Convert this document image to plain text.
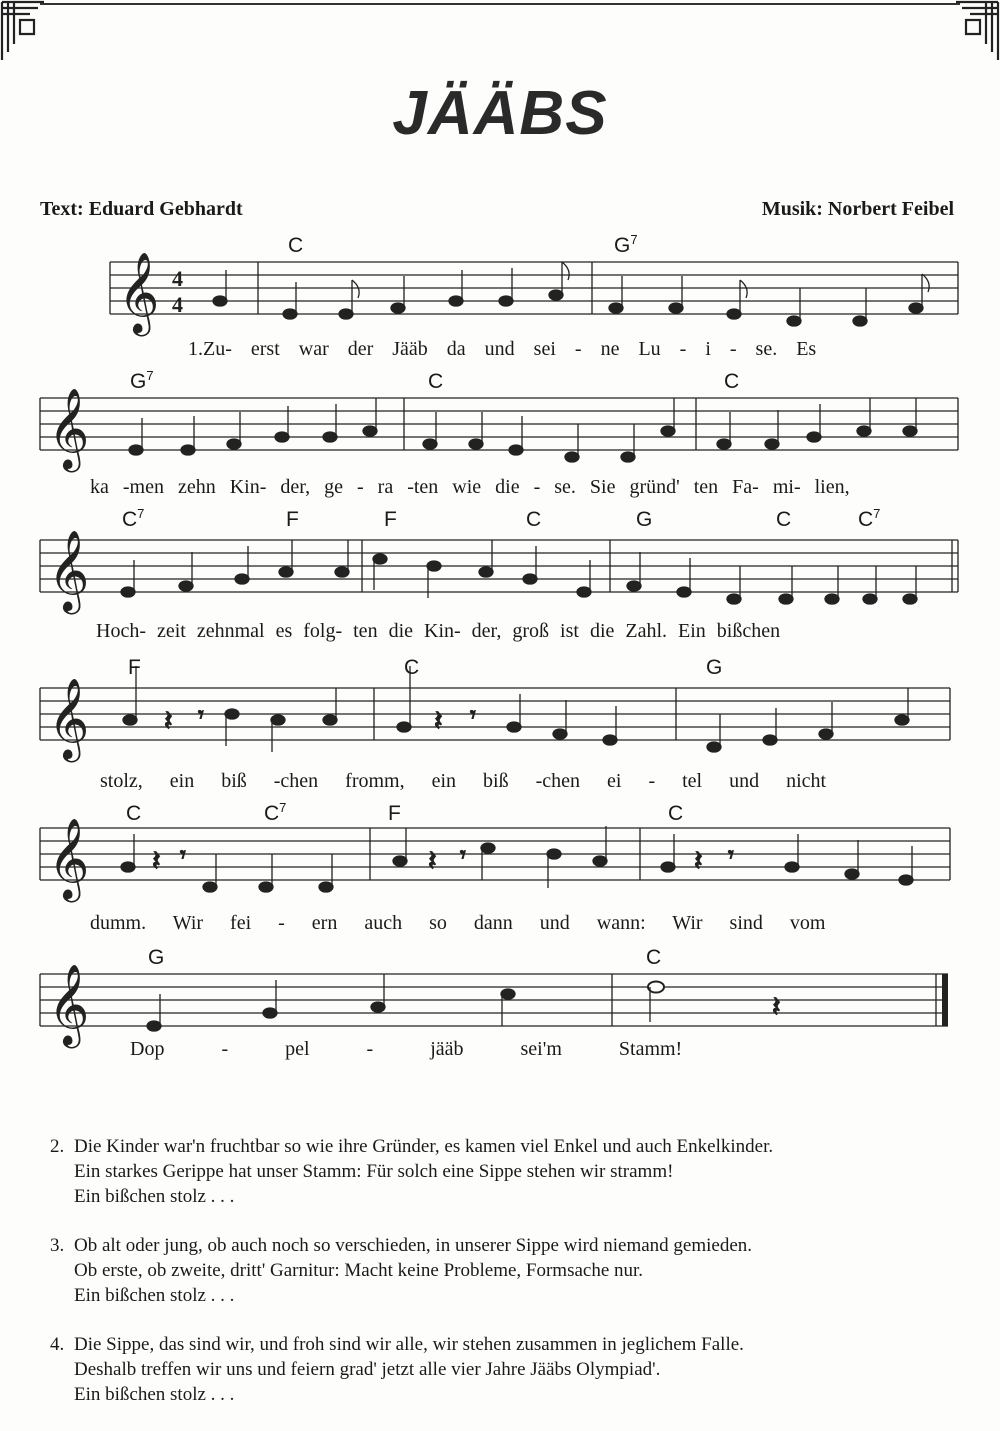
JÄÄBS
Text: Eduard Gebhardt	Musik: Norbert Feibel
𝄞 4
4
C	$G^7$
1.Zu- erst war der Jääb da und sei - ne Lu - i - se. Es
𝄞
$G^7$	C	C
ka -men zehn Kin- der, ge - ra -ten wie die - se. Sie gründ' ten Fa- mi- lien,
𝄞
$C^7$	F	F	C	G	C	$C^7$
Hoch- zeit zehnmal es folg- ten die Kin- der, groß ist die Zahl. Ein bißchen
𝄞	𝄽 𝄾	𝄽 𝄾
F	C	G
stolz, ein biß -chen fromm, ein biß -chen ei - tel und nicht
𝄞 𝄽 𝄾	𝄽 𝄾	𝄽 𝄾
C	$C^7$	F	C
dumm. Wir fei - ern auch so dann und wann: Wir sind vom
𝄞	𝄽
G	C
Dop - pel - jääb sei'm Stamm!
2. Die Kinder war'n fruchtbar so wie ihre Gründer, es kamen viel Enkel und auch Enkelkinder.
Ein starkes Gerippe hat unser Stamm: Für solch eine Sippe stehen wir stramm!
Ein bißchen stolz . . .
3. Ob alt oder jung, ob auch noch so verschieden, in unserer Sippe wird niemand gemieden.
Ob erste, ob zweite, dritt' Garnitur: Macht keine Probleme, Formsache nur.
Ein bißchen stolz . . .
4. Die Sippe, das sind wir, und froh sind wir alle, wir stehen zusammen in jeglichem Falle.
Deshalb treffen wir uns und feiern grad' jetzt alle vier Jahre Jääbs Olympiad'.
Ein bißchen stolz . . .
